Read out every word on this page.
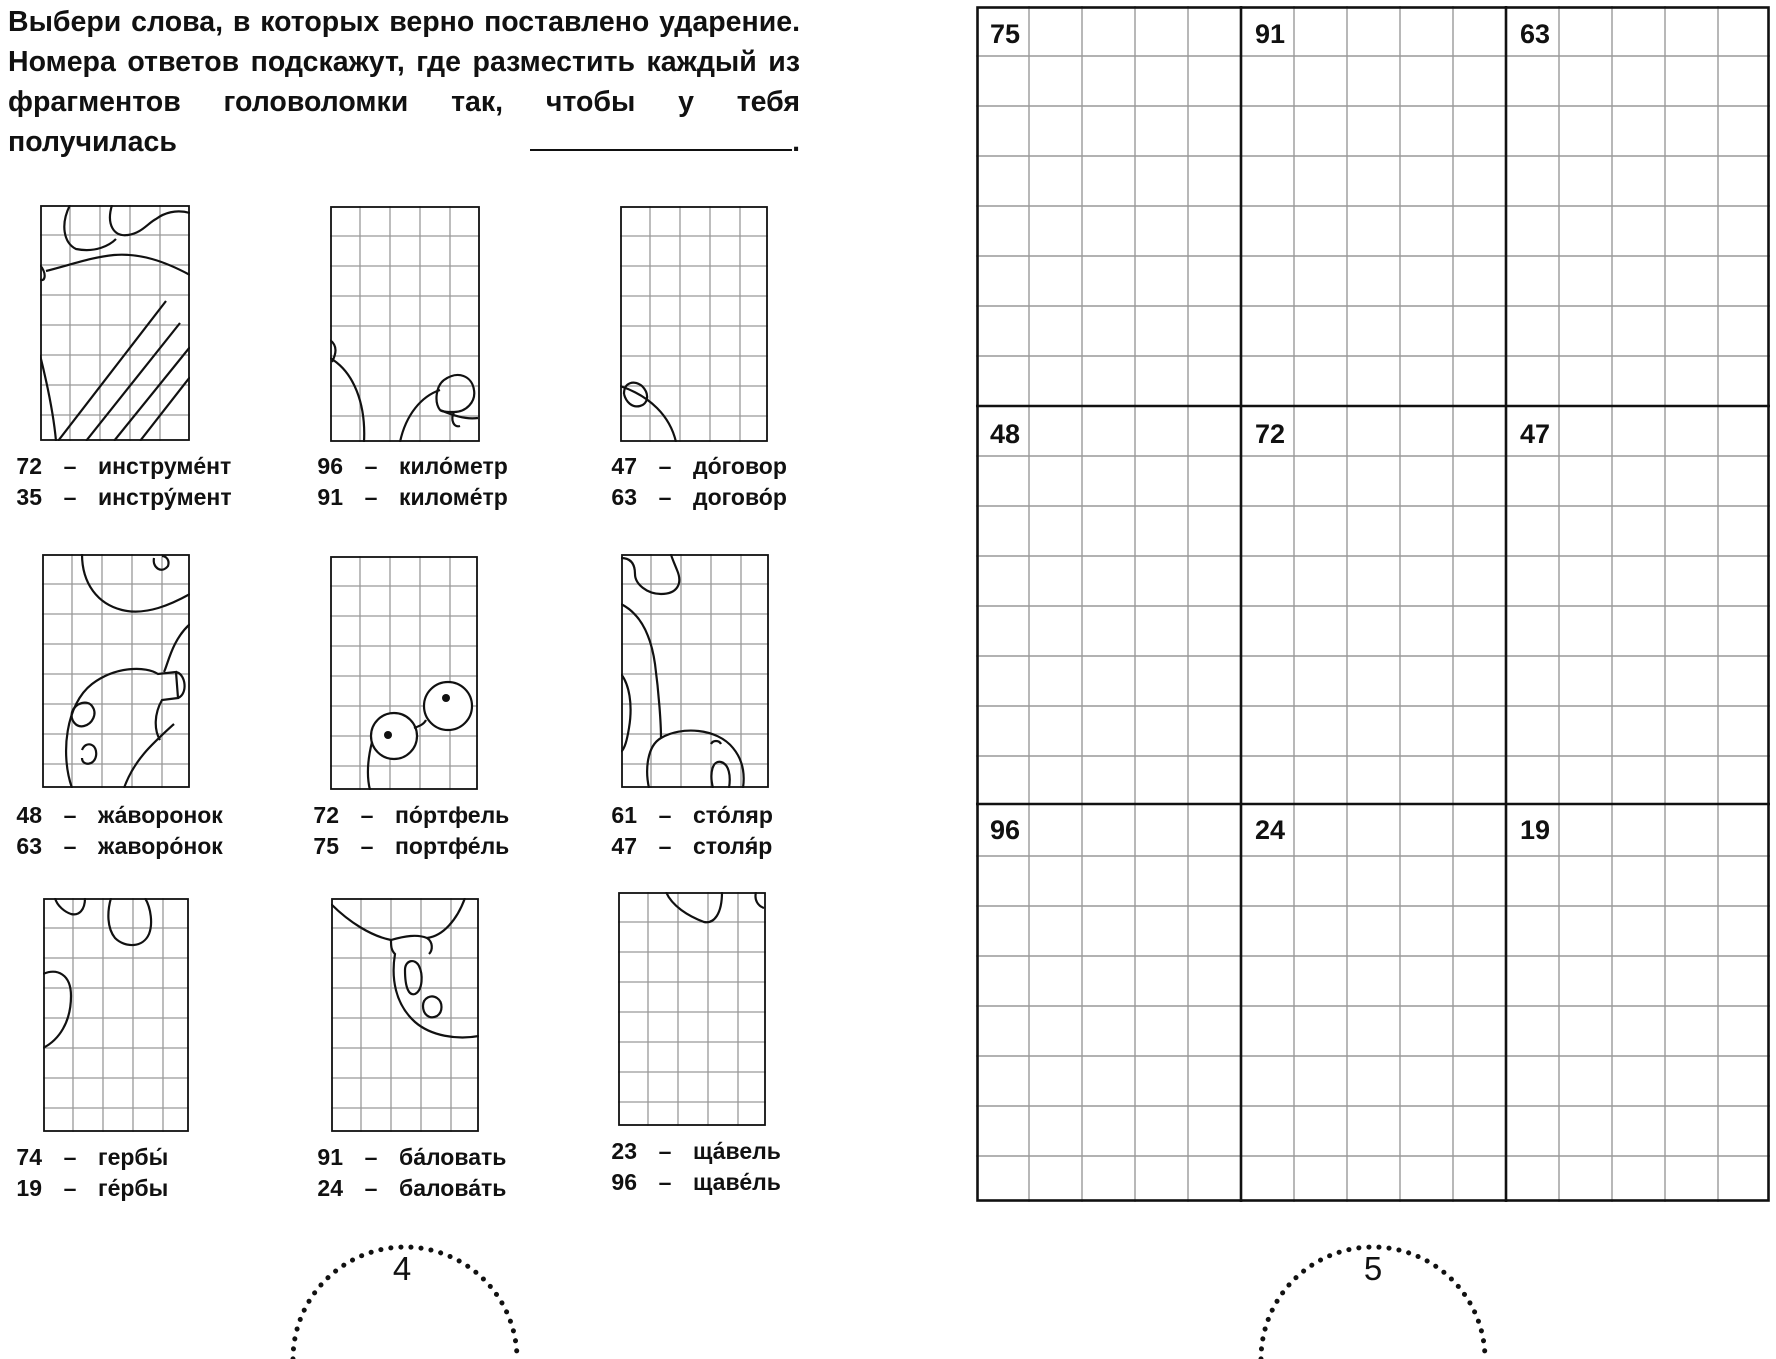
Выбери слова, в которых верно поставлено ударение. Номера ответов подскажут, где разместить каждый из фрагментов головоломки так, чтобы у тебя получилась	.

72 – инструме́нт
35 – инстру́мент
96 – кило́метр
91 – киломе́тр
47 – до́говор
63 – догово́р
48 – жа́воронок
63 – жаворо́нок
72 – по́ртфель
75 – портфе́ль
61 – сто́ляр
47 – столя́р
74 – гербы́
19 – ге́рбы
91 – ба́ловать
24 – балова́ть
23 – ща́вель
96 – щаве́ль
75	91	63
48	72	47
96	24	19
4	5
